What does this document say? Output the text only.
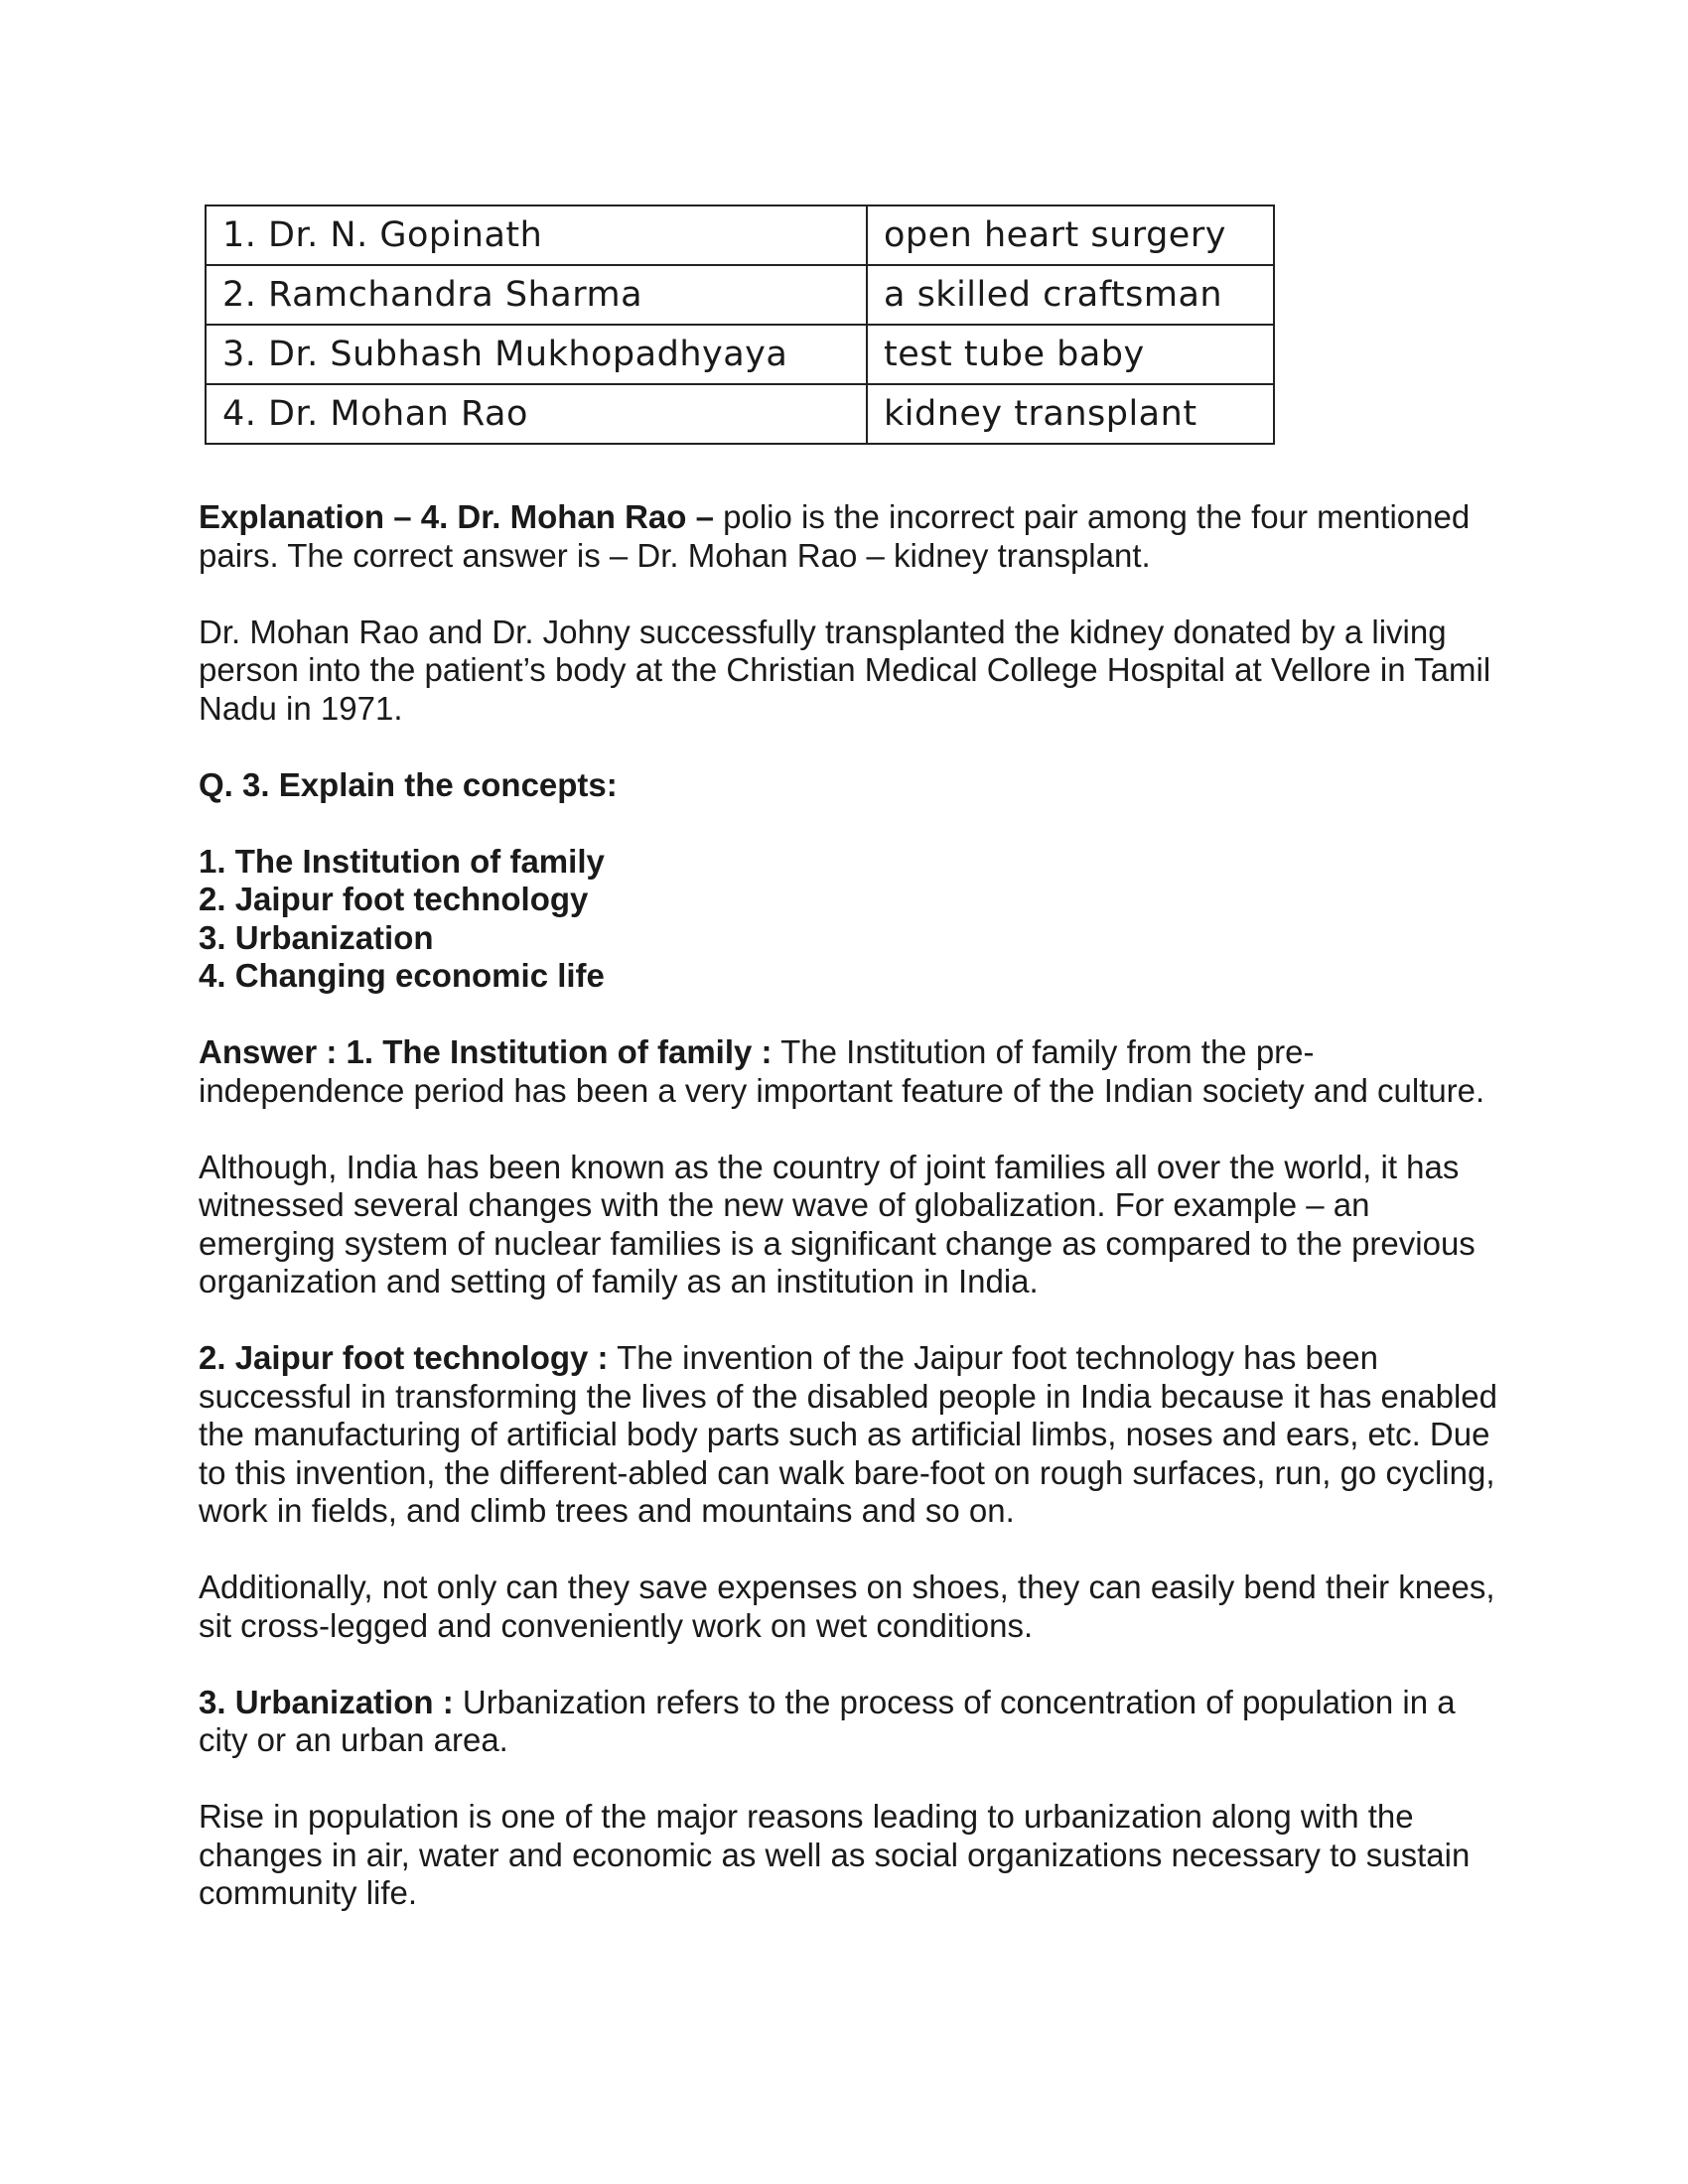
1. Dr. N. Gopinath	open heart surgery
2. Ramchandra Sharma	a skilled craftsman
3. Dr. Subhash Mukhopadhyaya	test tube baby
4. Dr. Mohan Rao	kidney transplant

Explanation – 4. Dr. Mohan Rao – polio is the incorrect pair among the four mentioned pairs. The correct answer is – Dr. Mohan Rao – kidney transplant.

Dr. Mohan Rao and Dr. Johny successfully transplanted the kidney donated by a living person into the patient’s body at the Christian Medical College Hospital at Vellore in Tamil Nadu in 1971.

Q. 3. Explain the concepts:

1. The Institution of family
2. Jaipur foot technology
3. Urbanization
4. Changing economic life

Answer : 1. The Institution of family : The Institution of family from the pre-independence period has been a very important feature of the Indian society and culture.

Although, India has been known as the country of joint families all over the world, it has witnessed several changes with the new wave of globalization. For example – an emerging system of nuclear families is a significant change as compared to the previous organization and setting of family as an institution in India.

2. Jaipur foot technology : The invention of the Jaipur foot technology has been successful in transforming the lives of the disabled people in India because it has enabled the manufacturing of artificial body parts such as artificial limbs, noses and ears, etc. Due to this invention, the different-abled can walk bare-foot on rough surfaces, run, go cycling, work in fields, and climb trees and mountains and so on.

Additionally, not only can they save expenses on shoes, they can easily bend their knees, sit cross-legged and conveniently work on wet conditions.

3. Urbanization : Urbanization refers to the process of concentration of population in a city or an urban area.

Rise in population is one of the major reasons leading to urbanization along with the changes in air, water and economic as well as social organizations necessary to sustain community life.
